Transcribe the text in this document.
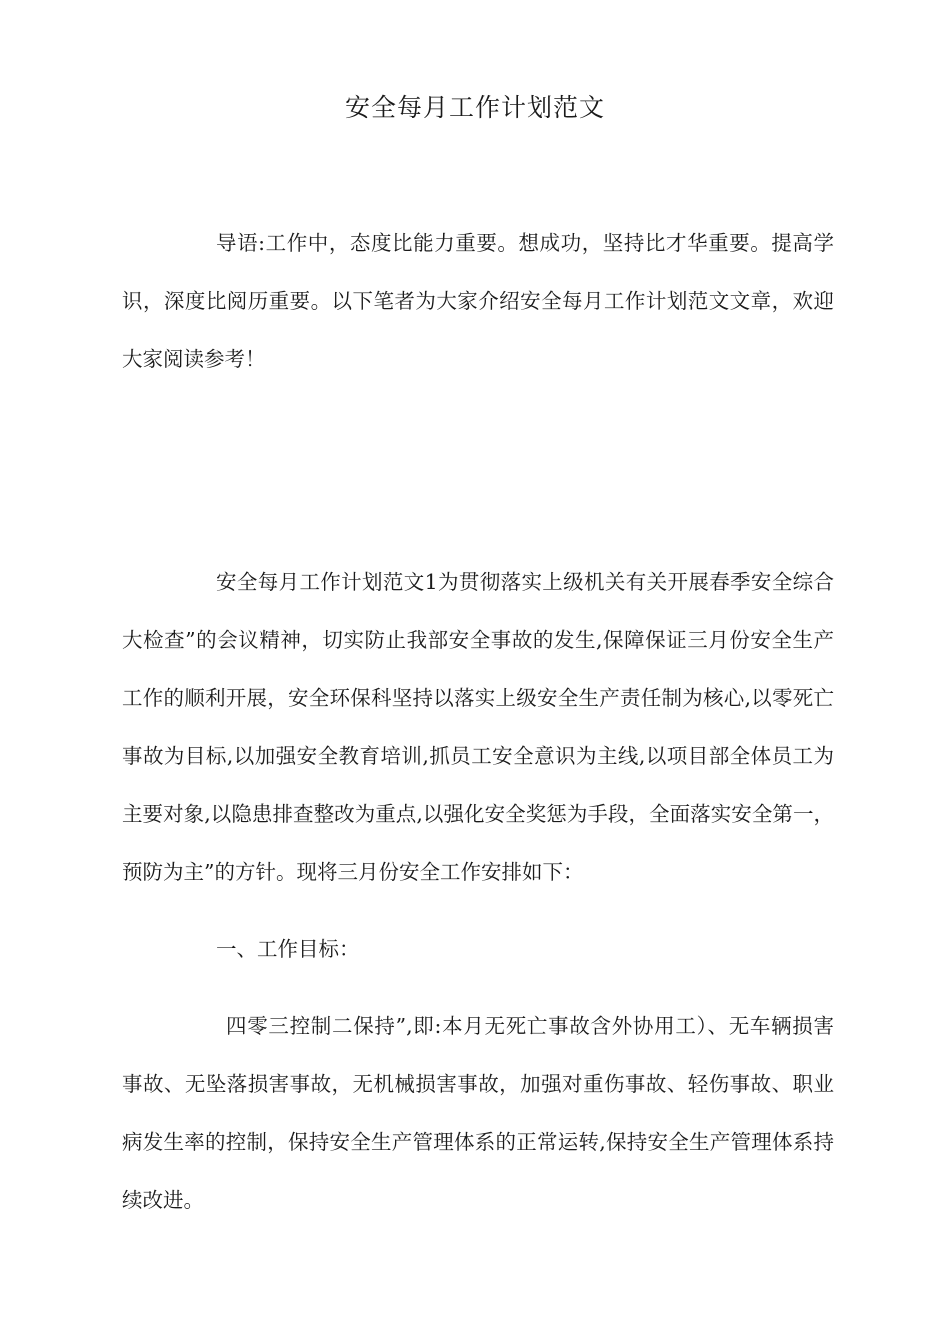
安全每月工作计划范文

导语:工作中，态度比能力重要。想成功，坚持比才华重要。提高学识，深度比阅历重要。以下笔者为大家介绍安全每月工作计划范文文章，欢迎大家阅读参考！

安全每月工作计划范文1为贯彻落实上级机关有关开展春季安全综合大检查”的会议精神，切实防止我部安全事故的发生,保障保证三月份安全生产工作的顺利开展，安全环保科坚持以落实上级安全生产责任制为核心,以零死亡事故为目标,以加强安全教育培训,抓员工安全意识为主线,以项目部全体员工为主要对象,以隐患排查整改为重点,以强化安全奖惩为手段，全面落实安全第一，预防为主”的方针。现将三月份安全工作安排如下：

一、工作目标：

四零三控制二保持”,即:本月无死亡事故含外协用工）、无车辆损害事故、无坠落损害事故，无机械损害事故，加强对重伤事故、轻伤事故、职业病发生率的控制，保持安全生产管理体系的正常运转,保持安全生产管理体系持续改进。
